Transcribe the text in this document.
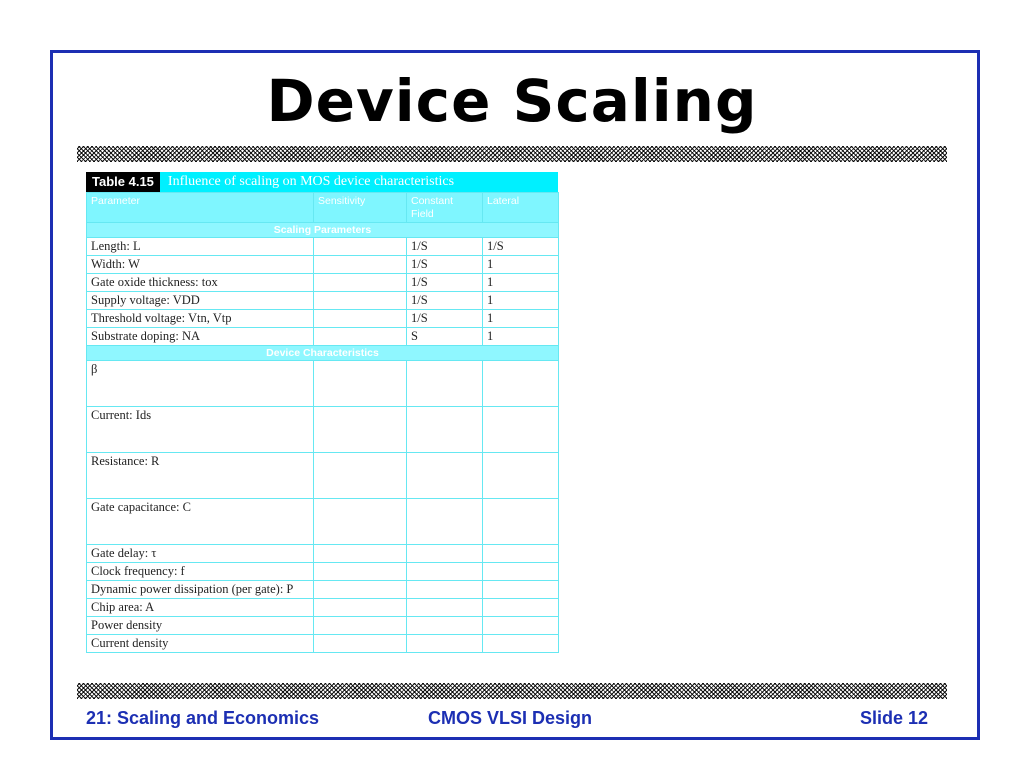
Device Scaling
Table 4.15	Influence of scaling on MOS device characteristics
Parameter	Sensitivity	Constant Field	Lateral
Scaling Parameters			
Length: L		1/S	1/S
Width: W		1/S	1
Gate oxide thickness: tox		1/S	1
Supply voltage: VDD		1/S	1
Threshold voltage: Vtn, Vtp		1/S	1
Substrate doping: NA		S	1
Device Characteristics			
β			
Current: Ids			
Resistance: R			
Gate capacitance: C			
Gate delay: τ			
Clock frequency: f			
Dynamic power dissipation (per gate): P			
Chip area: A			
Power density			
Current density			
21: Scaling and Economics	CMOS VLSI Design	Slide 12
